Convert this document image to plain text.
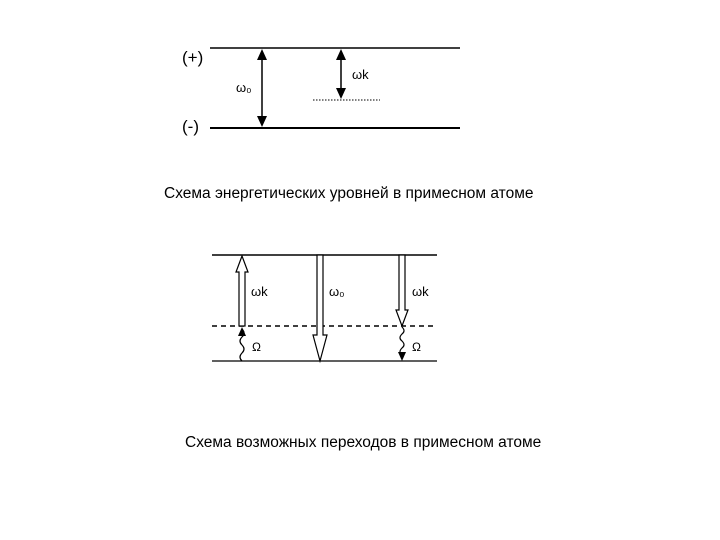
(+)
(-)
ω₀
ωk
ωk	ω₀	ωk
Ω	Ω
Схема энергетических уровней в примесном атоме
Схема возможных переходов в примесном атоме
